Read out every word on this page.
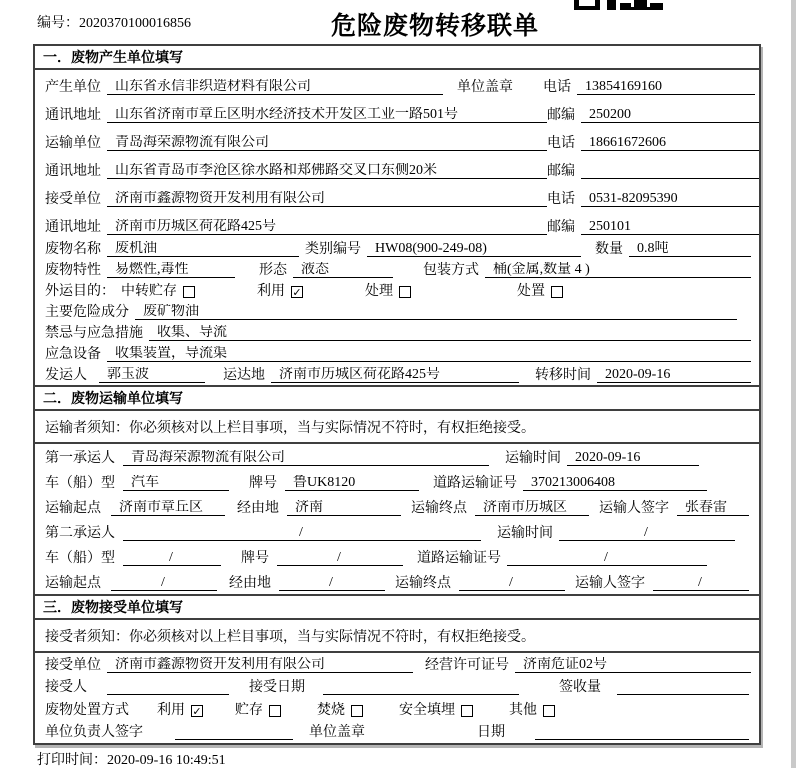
编号：2020370100016856	危险废物转移联单
一．废物产生单位填写
产生单位	山东省永信非织造材料有限公司	单位盖章 电话	13854169160
通讯地址	山东省济南市章丘区明水经济技术开发区工业一路501号	邮编	250200
运输单位	青岛海荣源物流有限公司	电话	18661672606
通讯地址	山东省青岛市李沧区徐水路和郑佛路交叉口东侧20米	邮编
接受单位	济南市鑫源物资开发利用有限公司	电话	0531-82095390
通讯地址	济南市历城区荷花路425号	邮编	250101
废物名称	废机油	类别编号	HW08(900-249-08)	数量	0.8吨
废物特性	易燃性,毒性	形态	液态	包装方式	桶(金属,数量 4 )
外运目的： 中转贮存	利用 ✓	处理	处置
主要危险成分	废矿物油
禁忌与应急措施	收集、导流
应急设备	收集装置，导流渠
发运人	郭玉波	运达地	济南市历城区荷花路425号	转移时间	2020-09-16
二．废物运输单位填写
运输者须知：你必须核对以上栏目事项，当与实际情况不符时，有权拒绝接受。
第一承运人	青岛海荣源物流有限公司	运输时间	2020-09-16
车（船）型	汽车	牌号	鲁UK8120	道路运输证号	370213006408
运输起点	济南市章丘区	经由地	济南	运输终点	济南市历城区	运输人签字	张春雷
第二承运人	/	运输时间	/
车（船）型	/	牌号	/	道路运输证号	/
运输起点	/	经由地	/	运输终点	/	运输人签字	/
三．废物接受单位填写
接受者须知：你必须核对以上栏目事项，当与实际情况不符时，有权拒绝接受。
接受单位	济南市鑫源物资开发利用有限公司	经营许可证号	济南危证02号
接受人	接受日期	签收量
废物处置方式 利用 ✓ 贮存	焚烧	安全填埋	其他
单位负责人签字	单位盖章	日期
打印时间：2020-09-16 10:49:51
